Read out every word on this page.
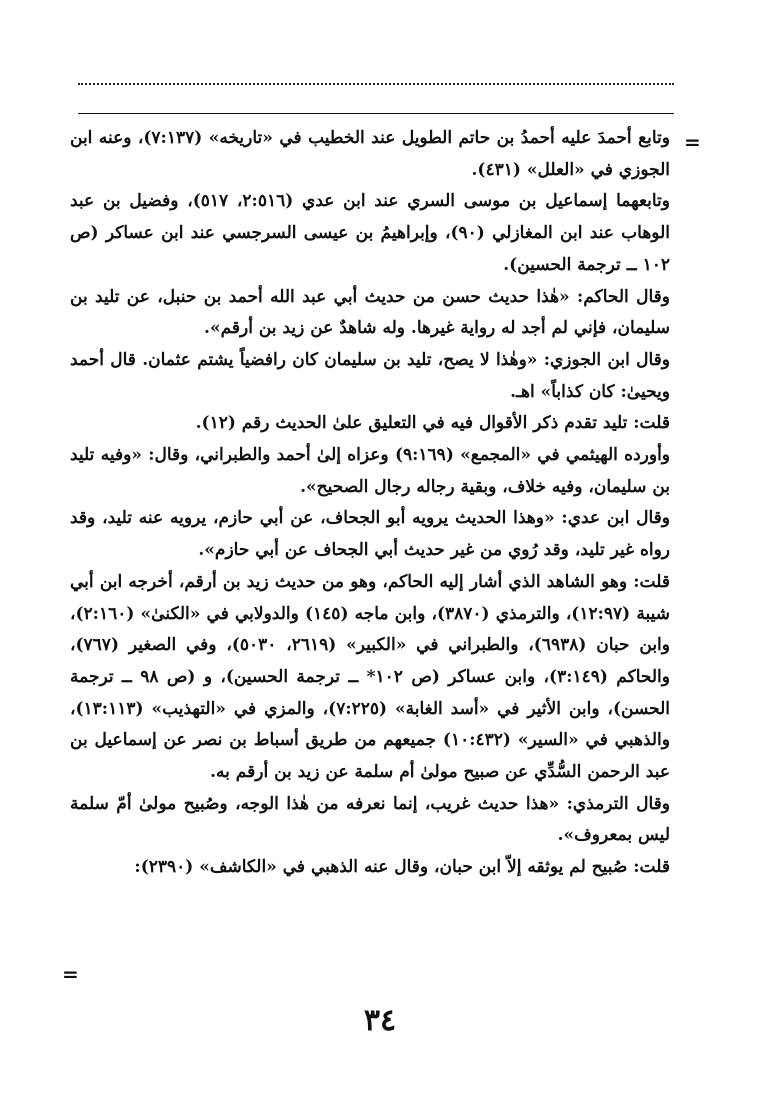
=

وتابع أحمدَ عليه أحمدُ بن حاتم الطويل عند الخطيب في «تاريخه» (٧:١٣٧)، وعنه ابن الجوزي في «العلل» (٤٣١).

وتابعهما إسماعيل بن موسى السري عند ابن عدي (٢:٥١٦، ٥١٧)، وفضيل بن عبد الوهاب عند ابن المغازلي (٩٠)، وإبراهيمُ بن عيسى السرجسي عند ابن عساكر (ص ١٠٢ ــ ترجمة الحسين).

وقال الحاكم: «هٰذا حديث حسن من حديث أبي عبد الله أحمد بن حنبل، عن تليد بن سليمان، فإني لم أجد له رواية غيرها. وله شاهدٌ عن زيد بن أرقم».

وقال ابن الجوزي: «وهٰذا لا يصح، تليد بن سليمان كان رافضياً يشتم عثمان. قال أحمد ويحيىٰ: كان كذاباً» اهـ.

قلت: تليد تقدم ذكر الأقوال فيه في التعليق علىٰ الحديث رقم (١٢).

وأورده الهيثمي في «المجمع» (٩:١٦٩) وعزاه إلىٰ أحمد والطبراني، وقال: «وفيه تليد بن سليمان، وفيه خلاف، وبقية رجاله رجال الصحيح».

وقال ابن عدي: «وهذا الحديث يرويه أبو الجحاف، عن أبي حازم، يرويه عنه تليد، وقد رواه غير تليد، وقد رُوي من غير حديث أبي الجحاف عن أبي حازم».

قلت: وهو الشاهد الذي أشار إليه الحاكم، وهو من حديث زيد بن أرقم، أخرجه ابن أبي شيبة (١٢:٩٧)، والترمذي (٣٨٧٠)، وابن ماجه (١٤٥) والدولابي في «الكنىٰ» (٢:١٦٠)، وابن حبان (٦٩٣٨)، والطبراني في «الكبير» (٢٦١٩، ٥٠٣٠)، وفي الصغير (٧٦٧)، والحاكم (٣:١٤٩)، وابن عساكر (ص ١٠٢* ــ ترجمة الحسين)، و (ص ٩٨ ــ ترجمة الحسن)، وابن الأثير في «أسد الغابة» (٧:٢٢٥)، والمزي في «التهذيب» (١٣:١١٣)، والذهبي في «السير» (١٠:٤٣٢) جميعهم من طريق أسباط بن نصر عن إسماعيل بن عبد الرحمن السُّدِّي عن صبيح مولىٰ أم سلمة عن زيد بن أرقم به.

وقال الترمذي: «هذا حديث غريب، إنما نعرفه من هٰذا الوجه، وصُبيح مولىٰ أمّ سلمة ليس بمعروف».

قلت: صُبيح لم يوثقه إلاّ ابن حبان، وقال عنه الذهبي في «الكاشف» (٢٣٩٠):

=
٣٤
